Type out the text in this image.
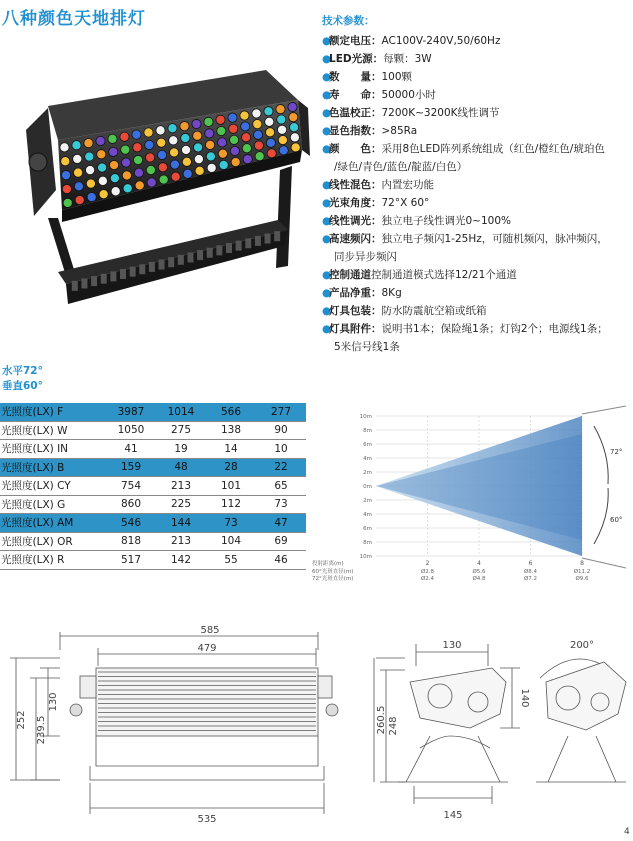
八种颜色天地排灯	技术参数：
●
额定电压： AC100V-240V,50/60Hz
●
LED光源： 每颗：3W
●
数　　量： 100颗
●
寿　　命： 50000小时
●
色温校正： 7200K~3200K线性调节
●
显色指数： >85Ra
●
颜　　色： 采用8色LED阵列系统组成（红色/橙红色/琥珀色
/绿色/青色/蓝色/靛蓝/白色）
●
线性混色： 内置宏功能
●
光束角度： 72°X 60°
●
线性调光： 独立电子线性调光0~100%
●
高速频闪： 独立电子频闪1-25Hz，可随机频闪，脉冲频闪，
同步异步频闪
●
控制通道 控制通道模式选择12/21个通道
●
产品净重： 8Kg
●
灯具包装： 防水防震航空箱或纸箱
●
灯具附件： 说明书1本；保险绳1条；灯钩2个；电源线1条；
5米信号线1条
水平72°
垂直60°
光照度(LX) F	3987	1014	566	277
光照度(LX) W	1050	275	138	90
光照度(LX) IN	41	19	14	10
光照度(LX) B	159	48	28	22
光照度(LX) CY	754	213	101	65
光照度(LX) G	860	225	112	73
光照度(LX) AM	546	144	73	47
光照度(LX) OR	818	213	104	69
光照度(LX) R	517	142	55	46
72°
60°
10m
8m
6m
4m
2m
0m
2m
4m
6m
8m
10m
2
Ø2.8
Ø2.4
4
Ø5.6
Ø4.8
6
Ø8.4
Ø7.2
8
Ø11.2
Ø9.6
投射距离(m)
60°光斑直径(m)
72°光斑直径(m)
585
479
535
130
145
200°
130
239.5
252
140
248
260.5
4
